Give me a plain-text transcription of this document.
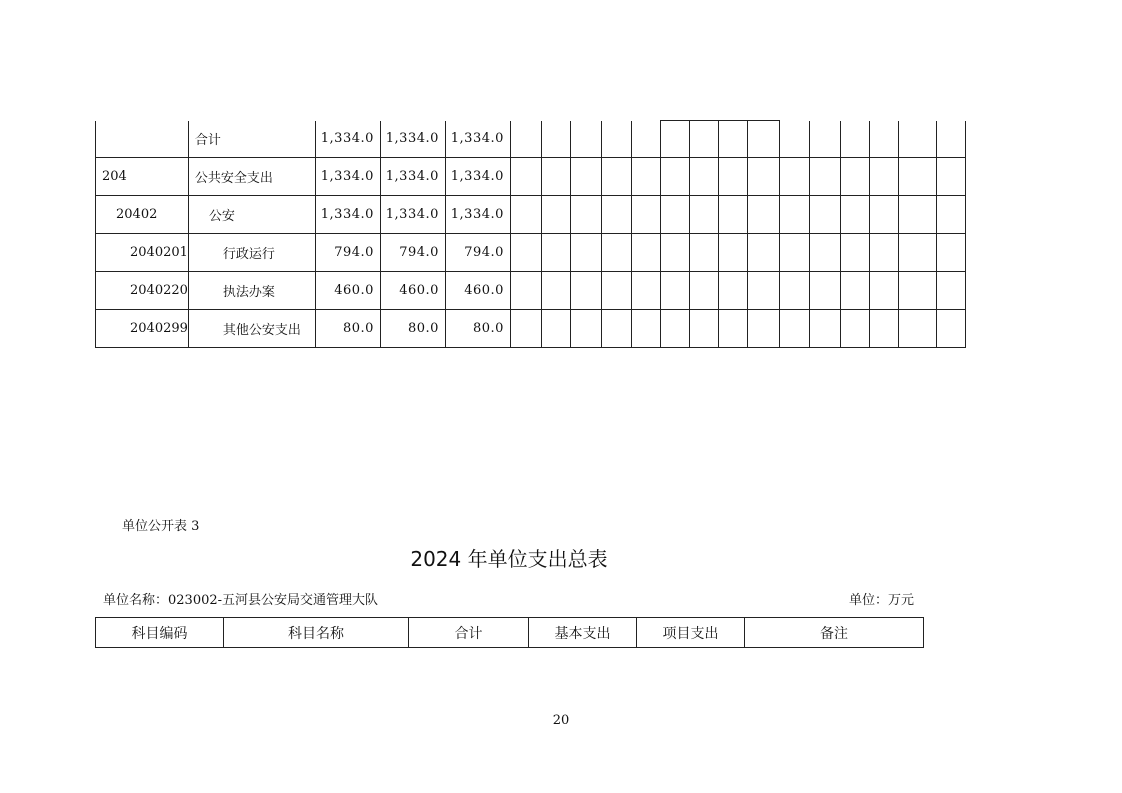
	合计	1,334.0	1,334.0	1,334.0															
204	公共安全支出	1,334.0	1,334.0	1,334.0															
20402	公安	1,334.0	1,334.0	1,334.0															
2040201	行政运行	794.0	794.0	794.0															
2040220	执法办案	460.0	460.0	460.0															
2040299	其他公安支出	80.0	80.0	80.0															
单位公开表 3
2024 年单位支出总表
单位名称：023002-五河县公安局交通管理大队	单位：万元
科目编码	科目名称	合计	基本支出	项目支出	备注
20
